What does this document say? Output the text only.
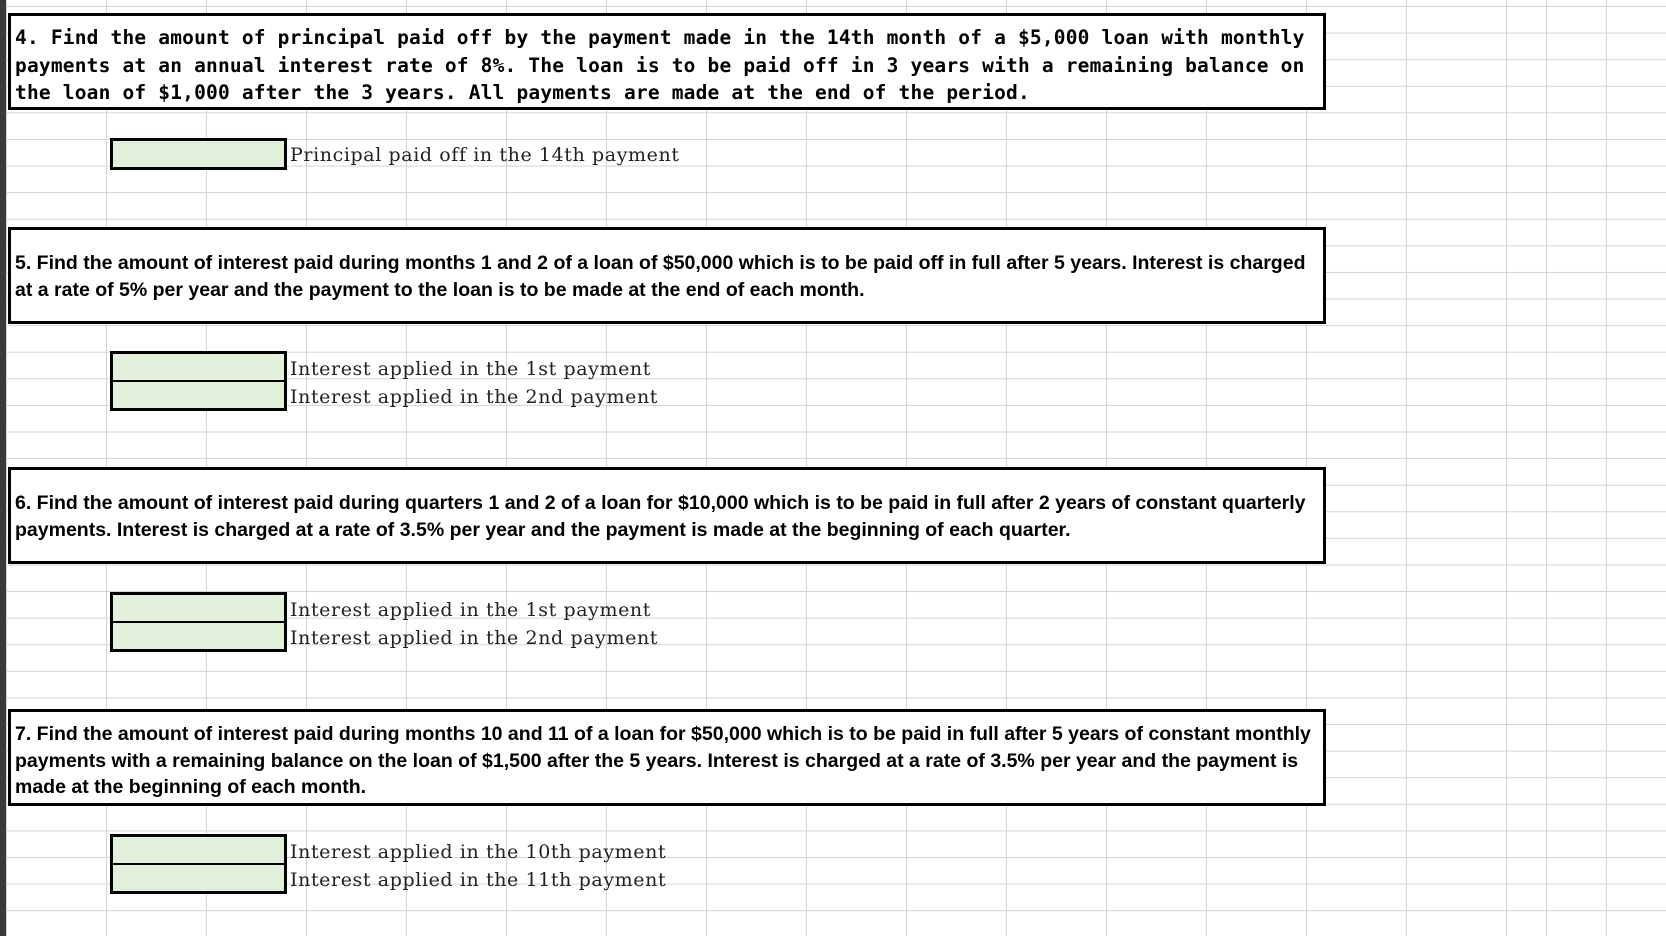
4. Find the amount of principal paid off by the payment made in the 14th month of a $5,000 loan with monthly payments at an annual interest rate of 8%. The loan is to be paid off in 3 years with a remaining balance on the loan of $1,000 after the 3 years. All payments are made at the end of the period.
Principal paid off in the 14th payment
5. Find the amount of interest paid during months 1 and 2 of a loan of $50,000 which is to be paid off in full after 5 years. Interest is charged at a rate of 5% per year and the payment to the loan is to be made at the end of each month.
Interest applied in the 1st payment
Interest applied in the 2nd payment
6. Find the amount of interest paid during quarters 1 and 2 of a loan for $10,000 which is to be paid in full after 2 years of constant quarterly payments. Interest is charged at a rate of 3.5% per year and the payment is made at the beginning of each quarter.
Interest applied in the 1st payment
Interest applied in the 2nd payment
7. Find the amount of interest paid during months 10 and 11 of a loan for $50,000 which is to be paid in full after 5 years of constant monthly payments with a remaining balance on the loan of $1,500 after the 5 years. Interest is charged at a rate of 3.5% per year and the payment is made at the beginning of each month.
Interest applied in the 10th payment
Interest applied in the 11th payment
